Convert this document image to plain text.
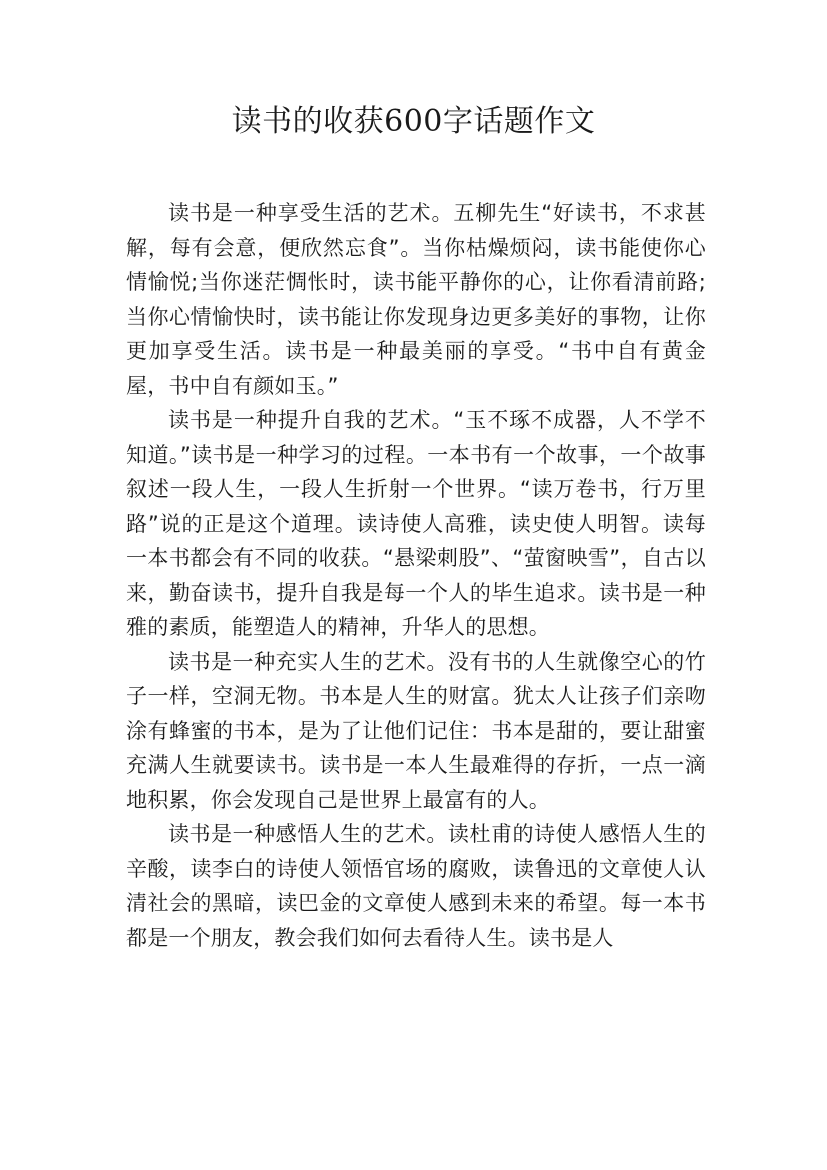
读书的收获600字话题作文

读书是一种享受生活的艺术。五柳先生“好读书，不求甚解，每有会意，便欣然忘食”。当你枯燥烦闷，读书能使你心情愉悦;当你迷茫惆怅时，读书能平静你的心，让你看清前路;当你心情愉快时，读书能让你发现身边更多美好的事物，让你更加享受生活。读书是一种最美丽的享受。“书中自有黄金屋，书中自有颜如玉。”

读书是一种提升自我的艺术。“玉不琢不成器，人不学不知道。”读书是一种学习的过程。一本书有一个故事，一个故事叙述一段人生，一段人生折射一个世界。“读万卷书，行万里路”说的正是这个道理。读诗使人高雅，读史使人明智。读每一本书都会有不同的收获。“悬梁刺股”、“萤窗映雪”，自古以来，勤奋读书，提升自我是每一个人的毕生追求。读书是一种雅的素质，能塑造人的精神，升华人的思想。

读书是一种充实人生的艺术。没有书的人生就像空心的竹子一样，空洞无物。书本是人生的财富。犹太人让孩子们亲吻涂有蜂蜜的书本，是为了让他们记住：书本是甜的，要让甜蜜充满人生就要读书。读书是一本人生最难得的存折，一点一滴地积累，你会发现自己是世界上最富有的人。

读书是一种感悟人生的艺术。读杜甫的诗使人感悟人生的辛酸，读李白的诗使人领悟官场的腐败，读鲁迅的文章使人认清社会的黑暗，读巴金的文章使人感到未来的希望。每一本书都是一个朋友，教会我们如何去看待人生。读书是人
